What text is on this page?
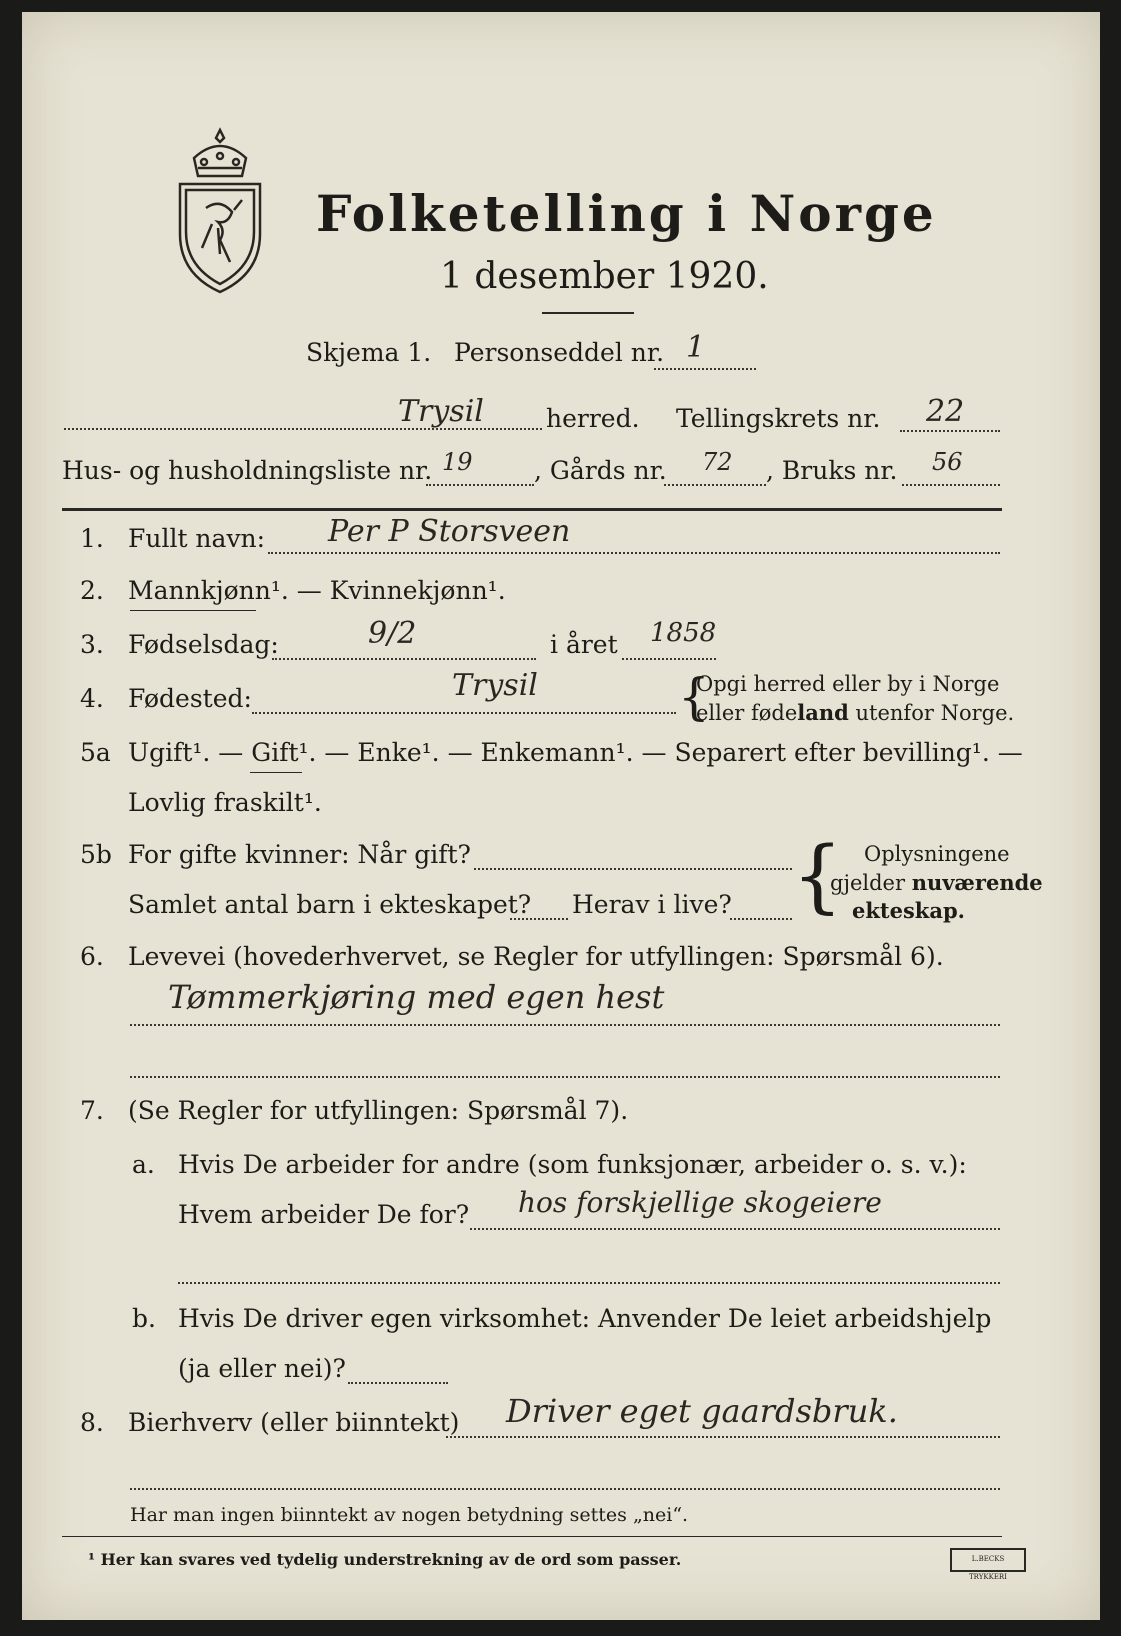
Folketelling i Norge
1 desember 1920.
Skjema 1. Personseddel nr. 1
Trysil herred. Tellingskrets nr. 22
Hus- og husholdningsliste nr. 19 , Gårds nr. 72 , Bruks nr. 56
1. Fullt navn: Per P Storsveen
2. Mannkjønn¹. — Kvinnekjønn¹.
3. Fødselsdag:	9/2	i året 1858
4. Fødested:	Trysil	{
Opgi herred eller by i Norge
eller fødeland utenfor Norge.
5a Ugift¹. — Gift¹. — Enke¹. — Enkemann¹. — Separert efter bevilling¹. —
Lovlig fraskilt¹.
5b For gifte kvinner: Når gift?
Samlet antal barn i ekteskapet? Herav i live? { Oplysningene
gjelder nuværende
ekteskap.
6. Levevei (hovederhvervet, se Regler for utfyllingen: Spørsmål 6).
Tømmerkjøring med egen hest
7. (Se Regler for utfyllingen: Spørsmål 7).
a. Hvis De arbeider for andre (som funksjonær, arbeider o. s. v.):
Hvem arbeider De for? hos forskjellige skogeiere
b. Hvis De driver egen virksomhet: Anvender De leiet arbeidshjelp
(ja eller nei)?
8. Bierhverv (eller biinntekt) Driver eget gaardsbruk.
Har man ingen biinntekt av nogen betydning settes „nei“.
¹ Her kan svares ved tydelig understrekning av de ord som passer.	L.BECKS TRYKKERI
